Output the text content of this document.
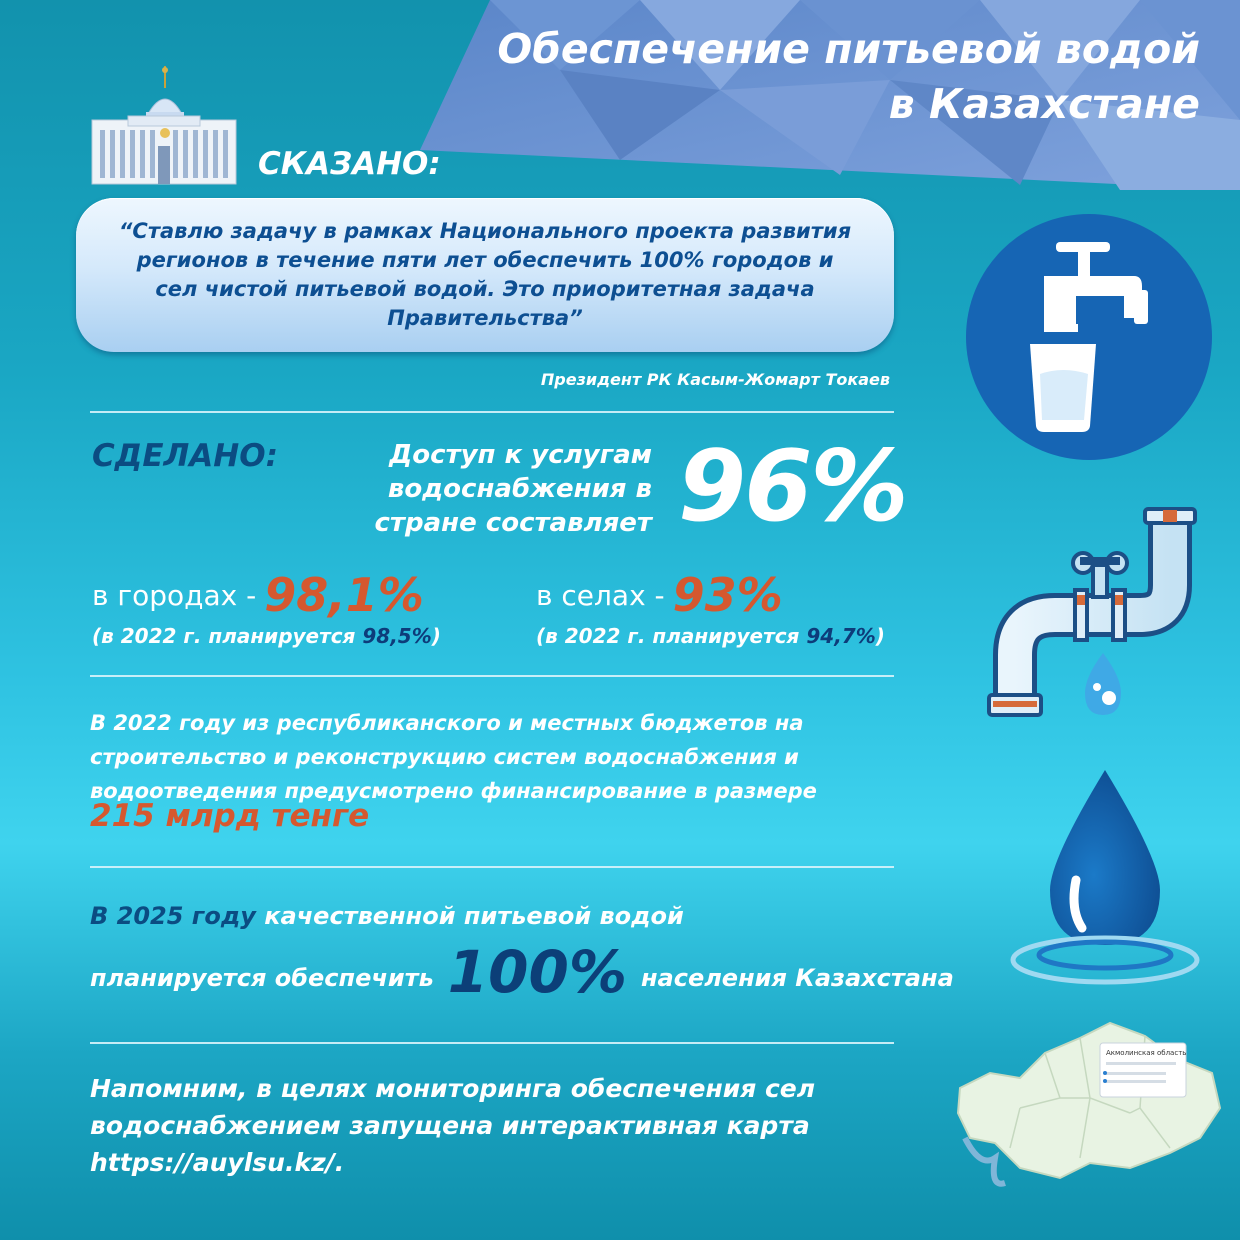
Обеспечение питьевой водой
в Казахстане
СКАЗАНО:
“Ставлю задачу в рамках Национального проекта развития регионов в течение пяти лет обеспечить 100% городов и сел чистой питьевой водой. Это приоритетная задача Правительства”
Президент РК Касым-Жомарт Токаев
СДЕЛАНО:	Доступ к услугам водоснабжения в стране составляет 96%
в городах - 98,1%	в селах - 93%
(в 2022 г. планируется 98,5%)	(в 2022 г. планируется 94,7%)
В 2022 году из республиканского и местных бюджетов на строительство и реконструкцию систем водоснабжения и водоотведения предусмотрено финансирование в размере
215 млрд тенге
В 2025 году качественной питьевой водой
планируется обеспечить 100% населения Казахстана
Напомним, в целях мониторинга обеспечения сел водоснабжением запущена интерактивная карта https://auylsu.kz/.
Акмолинская область
